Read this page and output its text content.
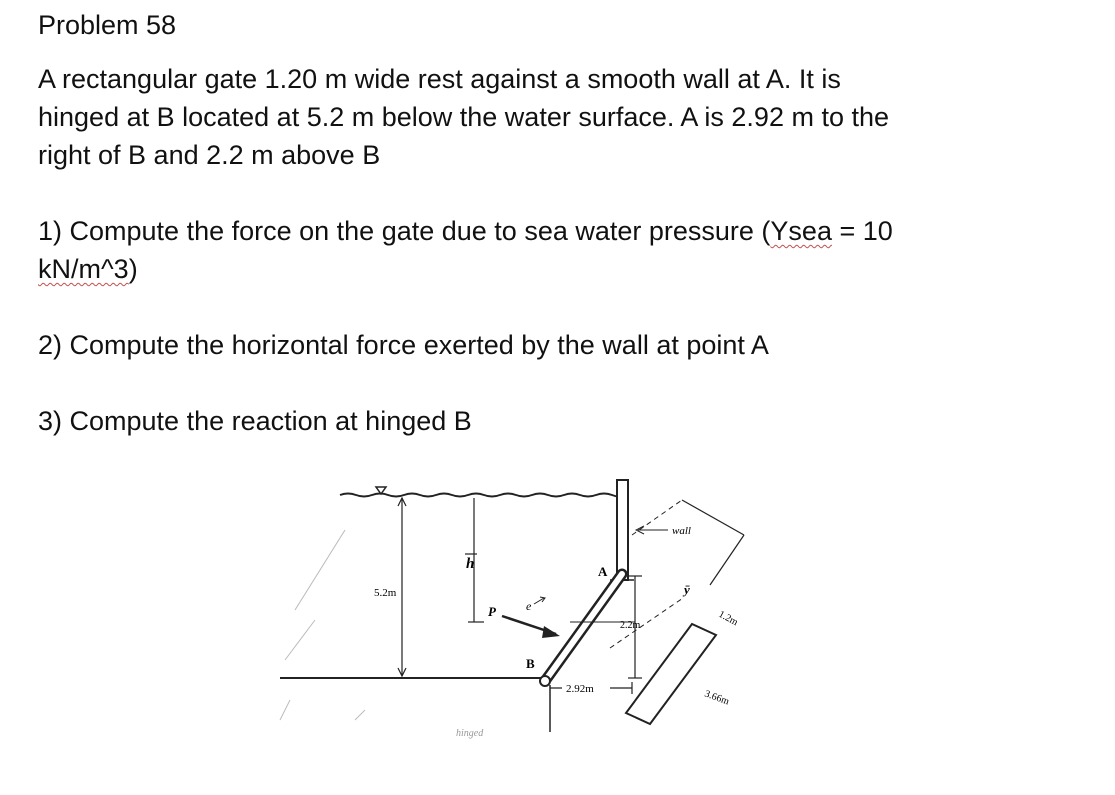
Problem 58
A rectangular gate 1.20 m wide rest against a smooth wall at A. It is
hinged at B located at 5.2 m below the water surface. A is 2.92 m to the
right of B and 2.2 m above B
1) Compute the force on the gate due to sea water pressure (Ysea = 10
kN/m^3)
2) Compute the horizontal force exerted by the wall at point A
3) Compute the reaction at hinged B
5.2m
h
wall
A
B
P	e
2.2m
2.92m
hinged
ȳ
1.2m
3.66m
